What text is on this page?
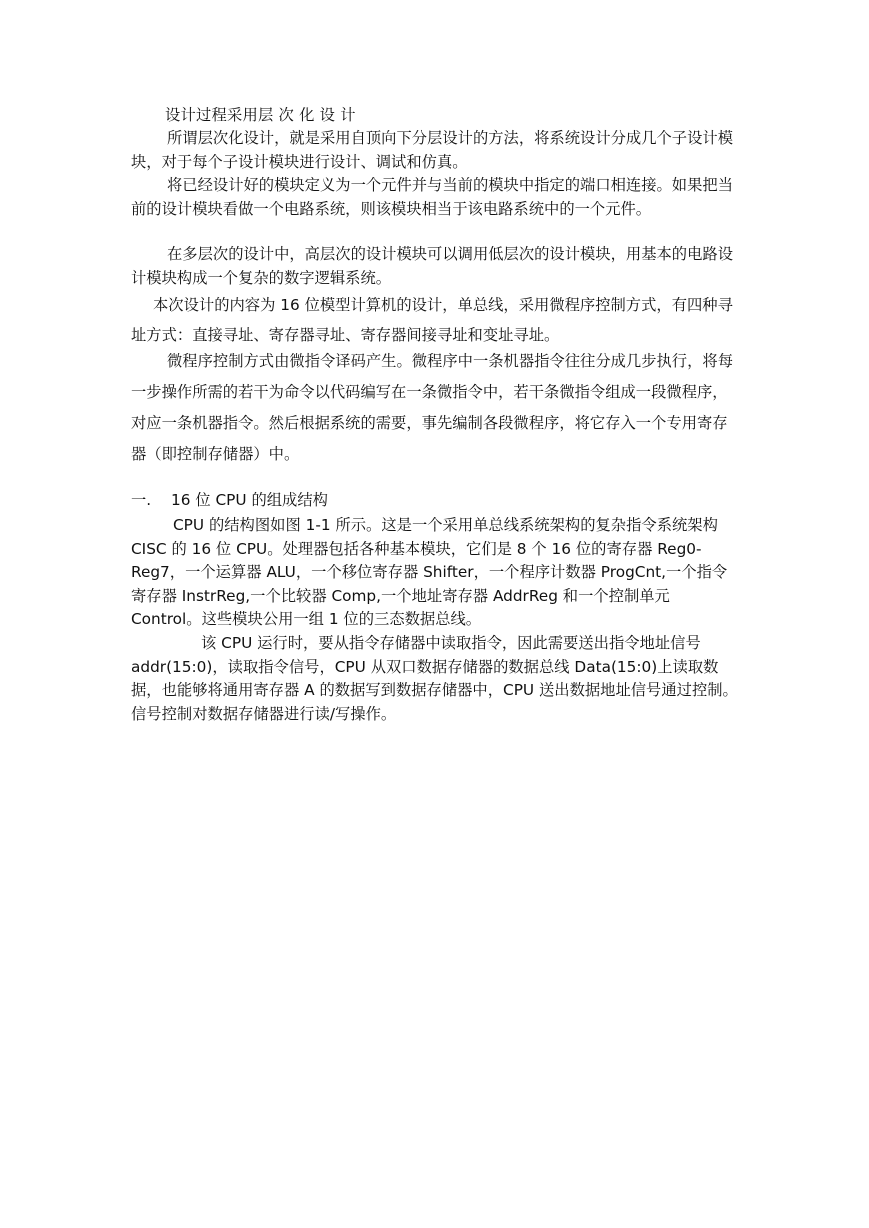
设计过程采用层 次 化 设 计

所谓层次化设计，就是采用自顶向下分层设计的方法，将系统设计分成几个子设计模块，对于每个子设计模块进行设计、调试和仿真。

将已经设计好的模块定义为一个元件并与当前的模块中指定的端口相连接。如果把当前的设计模块看做一个电路系统，则该模块相当于该电路系统中的一个元件。

在多层次的设计中，高层次的设计模块可以调用低层次的设计模块，用基本的电路设计模块构成一个复杂的数字逻辑系统。

本次设计的内容为 16 位模型计算机的设计，单总线，采用微程序控制方式，有四种寻址方式：直接寻址、寄存器寻址、寄存器间接寻址和变址寻址。

微程序控制方式由微指令译码产生。微程序中一条机器指令往往分成几步执行，将每一步操作所需的若干为命令以代码编写在一条微指令中，若干条微指令组成一段微程序，对应一条机器指令。然后根据系统的需要，事先编制各段微程序，将它存入一个专用寄存器（即控制存储器）中。

一. 16 位 CPU 的组成结构

CPU 的结构图如图 1-1 所示。这是一个采用单总线系统架构的复杂指令系统架构 CISC 的 16 位 CPU。处理器包括各种基本模块，它们是 8 个 16 位的寄存器 Reg0-Reg7，一个运算器 ALU，一个移位寄存器 Shifter，一个程序计数器 ProgCnt,一个指令寄存器 InstrReg,一个比较器 Comp,一个地址寄存器 AddrReg 和一个控制单元 Control。这些模块公用一组 1 位的三态数据总线。

该 CPU 运行时，要从指令存储器中读取指令，因此需要送出指令地址信号 addr(15:0)，读取指令信号，CPU 从双口数据存储器的数据总线 Data(15:0)上读取数据，也能够将通用寄存器 A 的数据写到数据存储器中，CPU 送出数据地址信号通过控制。信号控制对数据存储器进行读/写操作。
